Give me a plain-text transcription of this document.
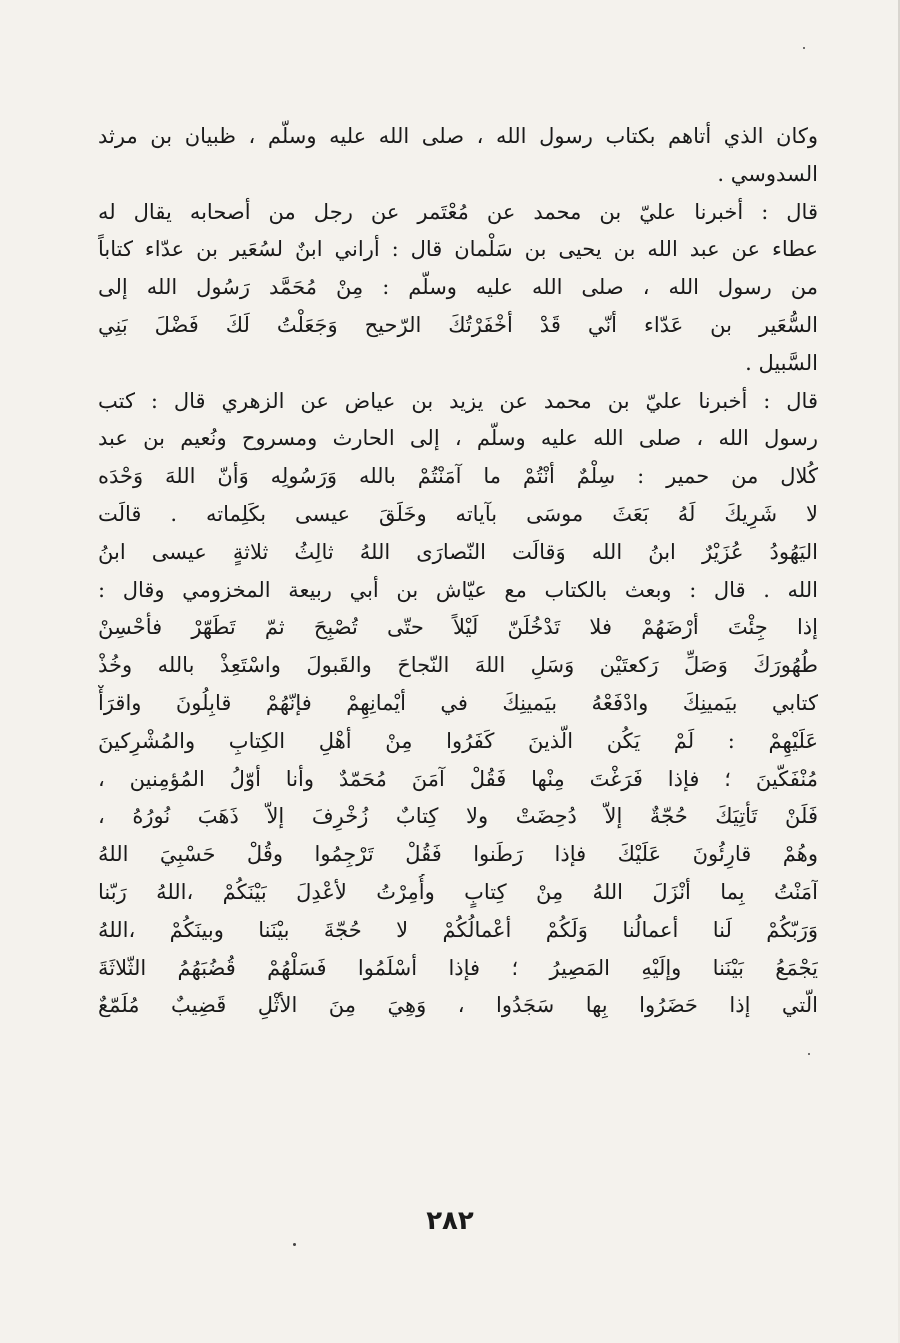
وكان الذي أتاهم بكتاب رسول الله ، صلى الله عليه وسلّم ، ظبيان بن مرثد
السدوسي .
قال : أخبرنا عليّ بن محمد عن مُعْتَمر عن رجل من أصحابه يقال له
عطاء عن عبد الله بن يحيى بن سَلْمان قال : أراني ابنٌ لسُعَير بن عدّاء كتاباً
من رسول الله ، صلى الله عليه وسلّم : مِنْ مُحَمَّد رَسُول الله إلى
السُّعَير بن عَدّاء أنّي قَدْ أخْفَرْتُكَ الرّحيح وَجَعَلْتُ لَكَ فَضْلَ بَنِي
السَّبيل .
قال : أخبرنا عليّ بن محمد عن يزيد بن عياض عن الزهري قال : كتب
رسول الله ، صلى الله عليه وسلّم ، إلى الحارث ومسروح ونُعيم بن عبد
كُلال من حمير : سِلْمٌ أنْتُمْ ما آمَنْتُمْ بالله وَرَسُولِه وَأنّ اللهَ وَحْدَه
لا شَرِيكَ لَهُ بَعَثَ موسَى بآياته وخَلَقَ عيسى بكَلِماته . قالَت
اليَهُودُ عُزَيْرٌ ابنُ الله وَقالَت النّصارَى اللهُ ثالِثُ ثلاثةٍ عيسى ابنُ
الله . قال : وبعث بالكتاب مع عيّاش بن أبي ربيعة المخزومي وقال :
إذا جِئْتَ أرْضَهُمْ فلا تَدْخُلَنّ لَيْلاً حتّى تُصْبِحَ ثمّ تَطَهّرْ فأحْسِنْ
طُهُورَكَ وَصَلِّ رَكعتَيْن وَسَلِ اللهَ النّجاحَ والقَبولَ واسْتَعِذْ بالله وخُذْ
كتابي بيَمينِكَ وادْفَعْهُ بيَمينِكَ في أيْمانِهِمْ فإنّهُمْ قابِلُونَ واقرَأْ
عَلَيْهِمْ : لَمْ يَكُن الّذينَ كَفَرُوا مِنْ أهْلِ الكِتابِ والمُشْرِكينَ
مُنْفَكّينَ ؛ فإذا فَرَغْتَ مِنْها فَقُلْ آمَنَ مُحَمّدٌ وأنا أوّلُ المُؤمِنين ،
فَلَنْ تَأتِيَكَ حُجّةٌ إلاّ دُحِضَتْ ولا كِتابٌ زُخْرِفَ إلاّ ذَهَبَ نُورُهُ ،
وهُمْ قارِئُونَ عَلَيْكَ فإذا رَطَنوا فَقُلْ تَرْجِمُوا وقُلْ حَسْبِيَ اللهُ
آمَنْتُ بِما أنْزَلَ اللهُ مِنْ كِتابٍ وأُمِرْتُ لأعْدِلَ بَيْنَكُمْ ،اللهُ رَبّنا
وَرَبّكُمْ لَنا أعمالُنا وَلَكُمْ أعْمالُكُمْ لا حُجّةَ بيْنَنا وبينَكُمْ ،اللهُ
يَجْمَعُ بَيْنَنا وإلَيْهِ المَصِيرُ ؛ فإذا أسْلَمُوا فَسَلْهُمْ قُضُبَهُمُ الثّلاثَةَ
الّتي إذا حَضَرُوا بِها سَجَدُوا ، وَهِيَ مِنَ الأثْلِ قَضِيبٌ مُلَمّعٌ
٢٨٢
